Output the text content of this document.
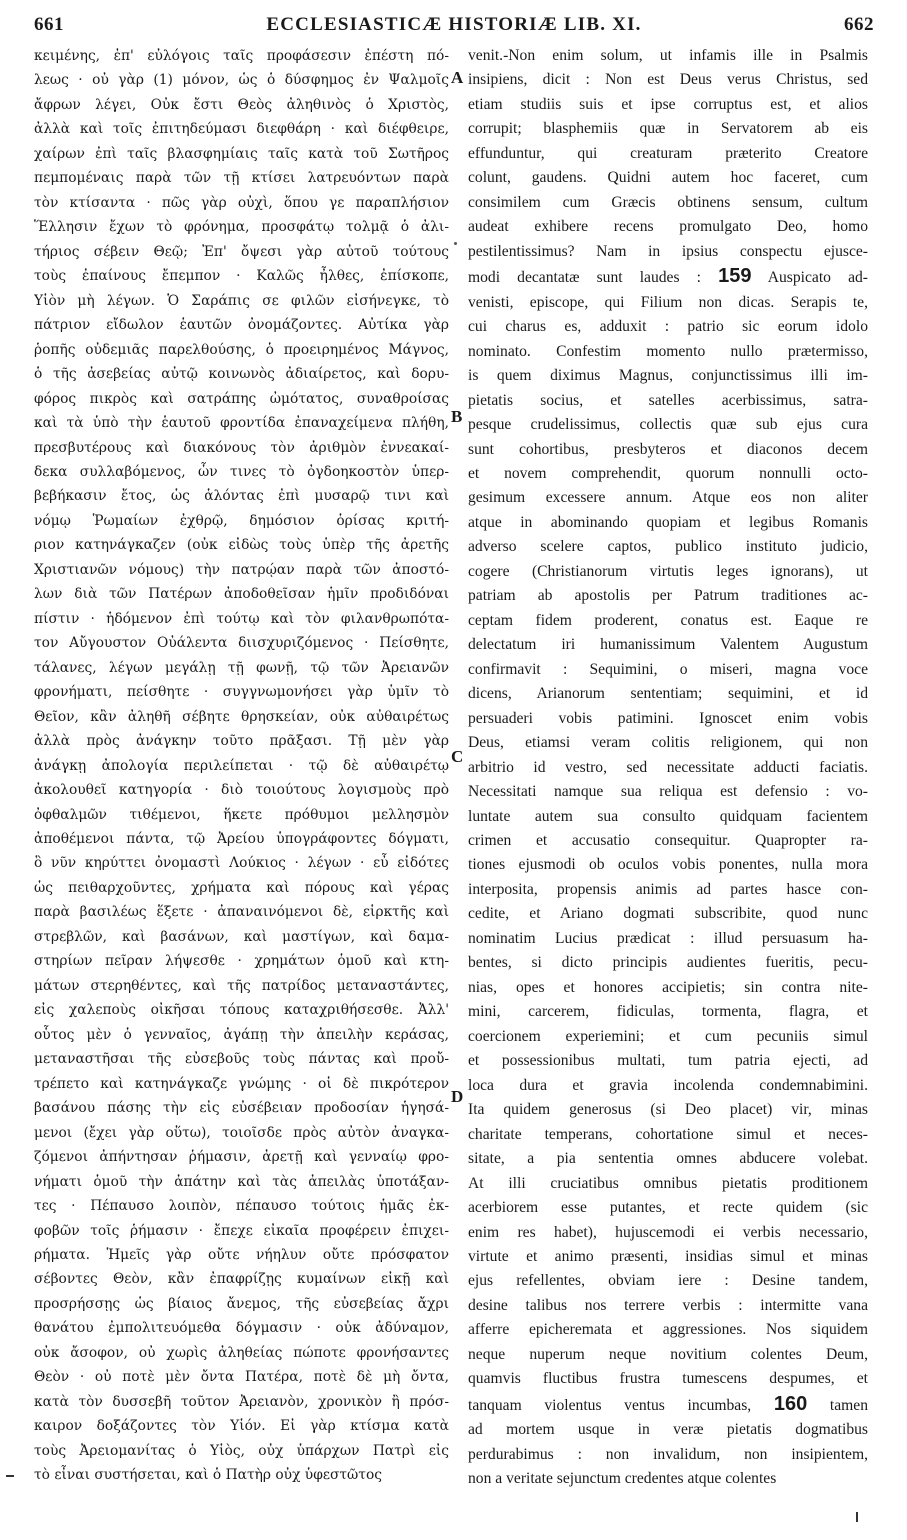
661	ECCLESIASTICÆ HISTORIÆ LIB. XI.	662
κειμένης, ἐπ' εὐλόγοις ταῖς προφάσεσιν ἐπέστη πό-
λεως · οὐ γὰρ (1) μόνον, ὡς ὁ δύσφημος ἐν Ψαλμοῖς
ἄφρων λέγει, Οὐκ ἔστι Θεὸς ἀληθινὸς ὁ Χριστὸς,
ἀλλὰ καὶ τοῖς ἐπιτηδεύμασι διεφθάρη · καὶ διέφθειρε,
χαίρων ἐπὶ ταῖς βλασφημίαις ταῖς κατὰ τοῦ Σωτῆρος
πεμπομέναις παρὰ τῶν τῇ κτίσει λατρευόντων παρὰ
τὸν κτίσαντα · πῶς γὰρ οὐχὶ, ὅπου γε παραπλήσιον
Ἕλλησιν ἔχων τὸ φρόνημα, προσφάτῳ τολμᾷ ὁ ἀλι-
τήριος σέβειν Θεῷ; Ἐπ' ὄψεσι γὰρ αὐτοῦ τούτους
τοὺς ἐπαίνους ἔπεμπον · Καλῶς ἦλθες, ἐπίσκοπε,
Υἱὸν μὴ λέγων. Ὁ Σαράπις σε φιλῶν εἰσήνεγκε, τὸ
πάτριον εἴδωλον ἑαυτῶν ὀνομάζοντες. Αὐτίκα γὰρ
ῥοπῆς οὐδεμιᾶς παρελθούσης, ὁ προειρημένος Μάγνος,
ὁ τῆς ἀσεβείας αὐτῷ κοινωνὸς ἀδιαίρετος, καὶ δορυ-
φόρος πικρὸς καὶ σατράπης ὠμότατος, συναθροίσας
καὶ τὰ ὑπὸ τὴν ἑαυτοῦ φροντίδα ἐπαναχείμενα πλήθη,
πρεσβυτέρους καὶ διακόνους τὸν ἀριθμὸν ἐννεακαί-
δεκα συλλαβόμενος, ὧν τινες τὸ ὀγδοηκοστὸν ὑπερ-
βεβήκασιν ἔτος, ὡς ἁλόντας ἐπὶ μυσαρῷ τινι καὶ
νόμῳ Ῥωμαίων ἐχθρῷ, δημόσιον ὁρίσας κριτή-
ριον κατηνάγκαζεν (οὐκ εἰδὼς τοὺς ὑπὲρ τῆς ἀρετῆς
Χριστιανῶν νόμους) τὴν πατρῴαν παρὰ τῶν ἀποστό-
λων διὰ τῶν Πατέρων ἀποδοθεῖσαν ἡμῖν προδιδόναι
πίστιν · ἡδόμενον ἐπὶ τούτῳ καὶ τὸν φιλανθρωπότα-
τον Αὔγουστον Οὐάλεντα διισχυριζόμενος · Πείσθητε,
τάλανες, λέγων μεγάλῃ τῇ φωνῇ, τῷ τῶν Ἀρειανῶν
φρονήματι, πείσθητε · συγγνωμονήσει γὰρ ὑμῖν τὸ
Θεῖον, κἂν ἀληθῆ σέβητε θρησκείαν, οὐκ αὐθαιρέτως
ἀλλὰ πρὸς ἀνάγκην τοῦτο πρᾶξασι. Τῇ μὲν γὰρ
ἀνάγκῃ ἀπολογία περιλείπεται · τῷ δὲ αὐθαιρέτῳ
ἀκολουθεῖ κατηγορία · διὸ τοιούτους λογισμοὺς πρὸ
ὀφθαλμῶν τιθέμενοι, ἥκετε πρόθυμοι μελλησμὸν
ἀποθέμενοι πάντα, τῷ Ἀρείου ὑπογράφοντες δόγματι,
ὃ νῦν κηρύττει ὀνομαστὶ Λούκιος · λέγων · εὖ εἰδότες
ὡς πειθαρχοῦντες, χρήματα καὶ πόρους καὶ γέρας
παρὰ βασιλέως ἕξετε · ἀπαναινόμενοι δὲ, εἱρκτῆς καὶ
στρεβλῶν, καὶ βασάνων, καὶ μαστίγων, καὶ δαμα-
στηρίων πεῖραν λήψεσθε · χρημάτων ὁμοῦ καὶ κτη-
μάτων στερηθέντες, καὶ τῆς πατρίδος μεταναστάντες,
εἰς χαλεποὺς οἰκῆσαι τόπους καταχριθήσεσθε. Ἀλλ'
οὗτος μὲν ὁ γενναῖος, ἀγάπῃ τὴν ἀπειλὴν κεράσας,
μεταναστῆσαι τῆς εὐσεβοῦς τοὺς πάντας καὶ προὔ-
τρέπετο καὶ κατηνάγκαζε γνώμης · οἱ δὲ πικρότερον
βασάνου πάσης τὴν εἰς εὐσέβειαν προδοσίαν ἡγησά-
μενοι (ἔχει γὰρ οὕτω), τοιοῖσδε πρὸς αὐτὸν ἀναγκα-
ζόμενοι ἀπήντησαν ῥήμασιν, ἀρετῇ καὶ γενναίῳ φρο-
νήματι ὁμοῦ τὴν ἀπάτην καὶ τὰς ἀπειλὰς ὑποτάξαν-
τες · Πέπαυσο λοιπὸν, πέπαυσο τούτοις ἡμᾶς ἐκ-
φοβῶν τοῖς ῥήμασιν · ἔπεχε εἰκαῖα προφέρειν ἐπιχει-
ρήματα. Ἡμεῖς γὰρ οὔτε νήηλυν οὔτε πρόσφατον
σέβοντες Θεὸν, κἂν ἐπαφρίζῃς κυμαίνων εἰκῇ καὶ
προσρήσσῃς ὡς βίαιος ἄνεμος, τῆς εὐσεβείας ἄχρι
θανάτου ἐμπολιτευόμεθα δόγμασιν · οὐκ ἀδύναμον,
οὐκ ἄσοφον, οὐ χωρὶς ἀληθείας πώποτε φρονήσαντες
Θεὸν · οὐ ποτὲ μὲν ὄντα Πατέρα, ποτὲ δὲ μὴ ὄντα,
κατὰ τὸν δυσσεβῆ τοῦτον Ἀρειανὸν, χρονικὸν ἢ πρόσ-
καιρον δοξάζοντες τὸν Υἱόν. Εἰ γὰρ κτίσμα κατὰ
τοὺς Ἀρειομανίτας ὁ Υἱὸς, οὐχ ὑπάρχων Πατρὶ εἰς
τὸ εἶναι συστήσεται, καὶ ὁ Πατὴρ οὐχ ὑφεστῶτος
venit.-Non enim solum, ut infamis ille in Psalmis
insipiens, dicit : Non est Deus verus Christus, sed
etiam studiis suis et ipse corruptus est, et alios
corrupit; blasphemiis quæ in Servatorem ab eis
effunduntur, qui creaturam præterito Creatore
colunt, gaudens. Quidni autem hoc faceret, cum
consimilem cum Græcis obtinens sensum, cultum
audeat exhibere recens promulgato Deo, homo
pestilentissimus? Nam in ipsius conspectu ejusce-
modi decantatæ sunt laudes : 159 Auspicato ad-
venisti, episcope, qui Filium non dicas. Serapis te,
cui charus es, adduxit : patrio sic eorum idolo
nominato. Confestim momento nullo prætermisso,
is quem diximus Magnus, conjunctissimus illi im-
pietatis socius, et satelles acerbissimus, satra-
pesque crudelissimus, collectis quæ sub ejus cura
sunt cohortibus, presbyteros et diaconos decem
et novem comprehendit, quorum nonnulli octo-
gesimum excessere annum. Atque eos non aliter
atque in abominando quopiam et legibus Romanis
adverso scelere captos, publico instituto judicio,
cogere (Christianorum virtutis leges ignorans), ut
patriam ab apostolis per Patrum traditiones ac-
ceptam fidem proderent, conatus est. Eaque re
delectatum iri humanissimum Valentem Augustum
confirmavit : Sequimini, o miseri, magna voce
dicens, Arianorum sententiam; sequimini, et id
persuaderi vobis patimini. Ignoscet enim vobis
Deus, etiamsi veram colitis religionem, qui non
arbitrio id vestro, sed necessitate adducti faciatis.
Necessitati namque sua reliqua est defensio : vo-
luntate autem sua consulto quidquam facientem
crimen et accusatio consequitur. Quapropter ra-
tiones ejusmodi ob oculos vobis ponentes, nulla mora
interposita, propensis animis ad partes hasce con-
cedite, et Ariano dogmati subscribite, quod nunc
nominatim Lucius prædicat : illud persuasum ha-
bentes, si dicto principis audientes fueritis, pecu-
nias, opes et honores accipietis; sin contra nite-
mini, carcerem, fidiculas, tormenta, flagra, et
coercionem experiemini; et cum pecuniis simul
et possessionibus multati, tum patria ejecti, ad
loca dura et gravia incolenda condemnabimini.
Ita quidem generosus (si Deo placet) vir, minas
charitate temperans, cohortatione simul et neces-
sitate, a pia sententia omnes abducere volebat.
At illi cruciatibus omnibus pietatis proditionem
acerbiorem esse putantes, et recte quidem (sic
enim res habet), hujuscemodi ei verbis necessario,
virtute et animo præsenti, insidias simul et minas
ejus refellentes, obviam iere : Desine tandem,
desine talibus nos terrere verbis : intermitte vana
afferre epicheremata et aggressiones. Nos siquidem
neque nuperum neque novitium colentes Deum,
quamvis fluctibus frustra tumescens despumes, et
tanquam violentus ventus incumbas, 160 tamen
ad mortem usque in veræ pietatis dogmatibus
perdurabimus : non invalidum, non insipientem,
non a veritate sejunctum credentes atque colentes
A
B
C
D
